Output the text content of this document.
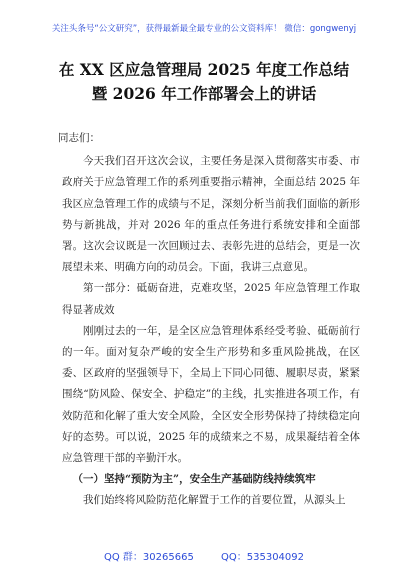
关注头条号“公文研究”，获得最新最全最专业的公文资料库！ 微信：gongwenyj
在 XX 区应急管理局 2025 年度工作总结
暨 2026 年工作部署会上的讲话

同志们：

今天我们召开这次会议，主要任务是深入贯彻落实市委、市政府关于应急管理工作的系列重要指示精神，全面总结 2025 年我区应急管理工作的成绩与不足，深刻分析当前我们面临的新形势与新挑战，并对 2026 年的重点任务进行系统安排和全面部署。这次会议既是一次回顾过去、表彰先进的总结会，更是一次展望未来、明确方向的动员会。下面，我讲三点意见。

第一部分：砥砺奋进，克难攻坚，2025 年应急管理工作取得显著成效

刚刚过去的一年，是全区应急管理体系经受考验、砥砺前行的一年。面对复杂严峻的安全生产形势和多重风险挑战，在区委、区政府的坚强领导下，全局上下同心同德、履职尽责，紧紧围绕“防风险、保安全、护稳定”的主线，扎实推进各项工作，有效防范和化解了重大安全风险，全区安全形势保持了持续稳定向好的态势。可以说，2025 年的成绩来之不易，成果凝结着全体应急管理干部的辛勤汗水。

（一）坚持“预防为主”，安全生产基础防线持续筑牢

我们始终将风险防范化解置于工作的首要位置，从源头上

QQ 群：30265665	QQ：535304092
